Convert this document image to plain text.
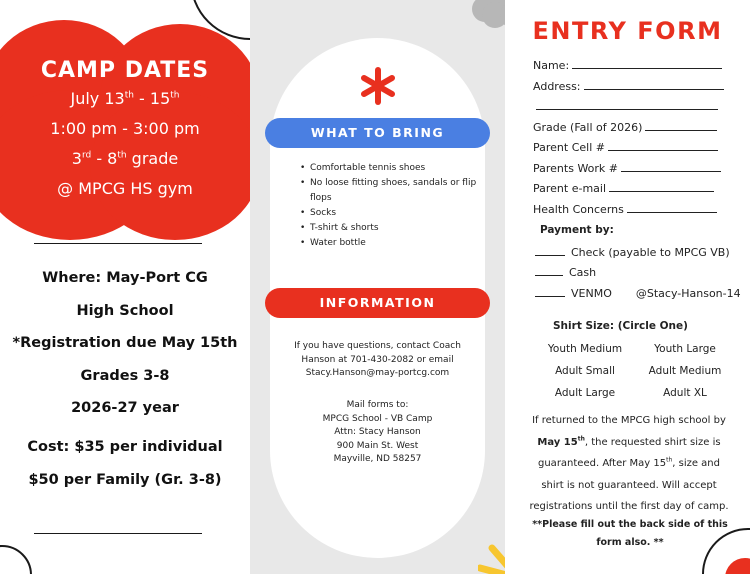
CAMP DATES
July 13th - 15th
1:00 pm - 3:00 pm
3rd - 8th grade
@ MPCG HS gym
Where: May-Port CG
High School
*Registration due May 15th
Grades 3-8
2026-27 year
Cost: $35 per individual
$50 per Family (Gr. 3-8)
WHAT TO BRING
• Comfortable tennis shoes
• No loose fitting shoes, sandals or flip flops
• Socks
• T-shirt & shorts
• Water bottle
INFORMATION
If you have questions, contact Coach
Hanson at 701-430-2082 or email
Stacy.Hanson@may-portcg.com
Mail forms to:
MPCG School - VB Camp
Attn: Stacy Hanson
900 Main St. West
Mayville, ND 58257
ENTRY FORM
Name:
Address:
Grade (Fall of 2026)
Parent Cell #
Parents Work #
Parent e-mail
Health Concerns
Payment by:
Check (payable to MPCG VB)
Cash
VENMO @Stacy-Hanson-14
Shirt Size: (Circle One)
Youth Medium	Youth Large
Adult Small	Adult Medium
Adult Large	Adult XL
If returned to the MPCG high school by
May 15th, the requested shirt size is
guaranteed. After May 15th, size and
shirt is not guaranteed. Will accept
registrations until the first day of camp.
**Please fill out the back side of this
form also. **
